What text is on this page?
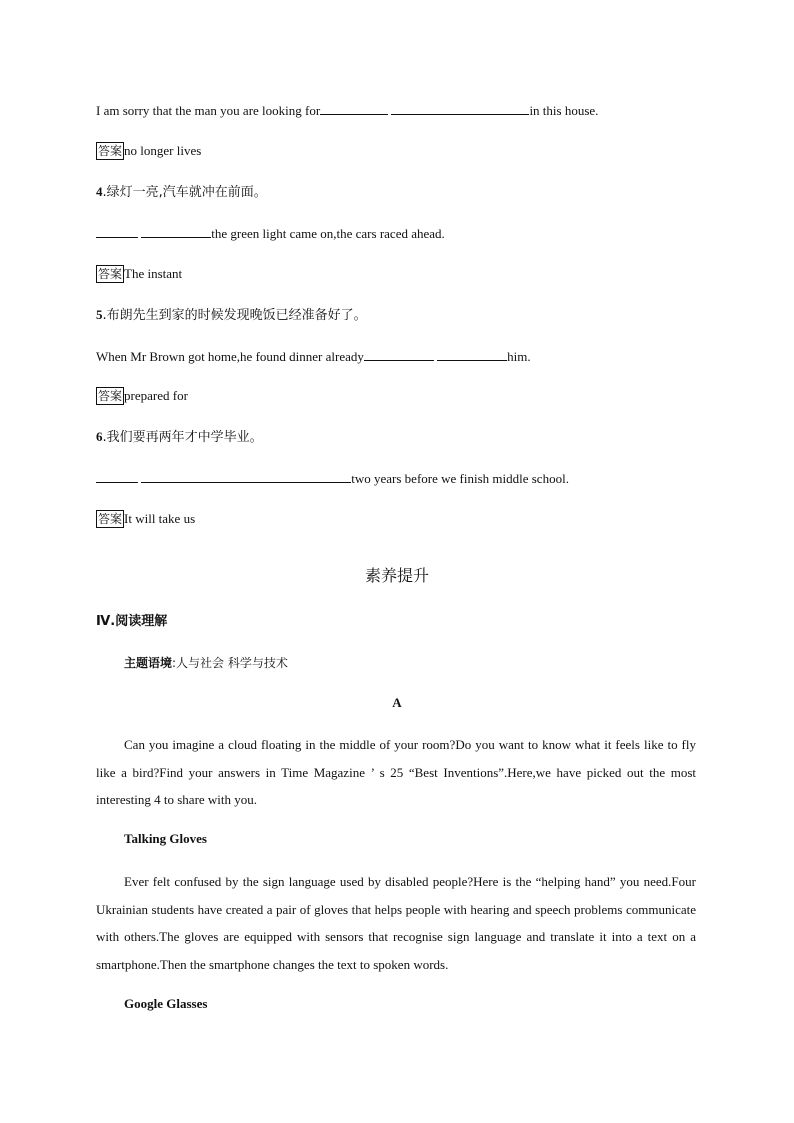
I am sorry that the man you are looking for	in this house.
答案 no longer lives
4.绿灯一亮,汽车就冲在前面。
the green light came on,the cars raced ahead.
答案 The instant
5.布朗先生到家的时候发现晚饭已经准备好了。
When Mr Brown got home,he found dinner already	him.
答案 prepared for
6.我们要再两年才中学毕业。
two years before we finish middle school.
答案 It will take us
素养提升
Ⅳ.阅读理解
主题语境:人与社会 科学与技术
A
Can you imagine a cloud floating in the middle of your room?Do you want to know what it feels like to fly like a bird?Find your answers in Time Magazine ’ s 25 “Best Inventions”.Here,we have picked out the most interesting 4 to share with you.
Talking Gloves
Ever felt confused by the sign language used by disabled people?Here is the “helping hand” you need.Four Ukrainian students have created a pair of gloves that helps people with hearing and speech problems communicate with others.The gloves are equipped with sensors that recognise sign language and translate it into a text on a smartphone.Then the smartphone changes the text to spoken words.
Google Glasses
